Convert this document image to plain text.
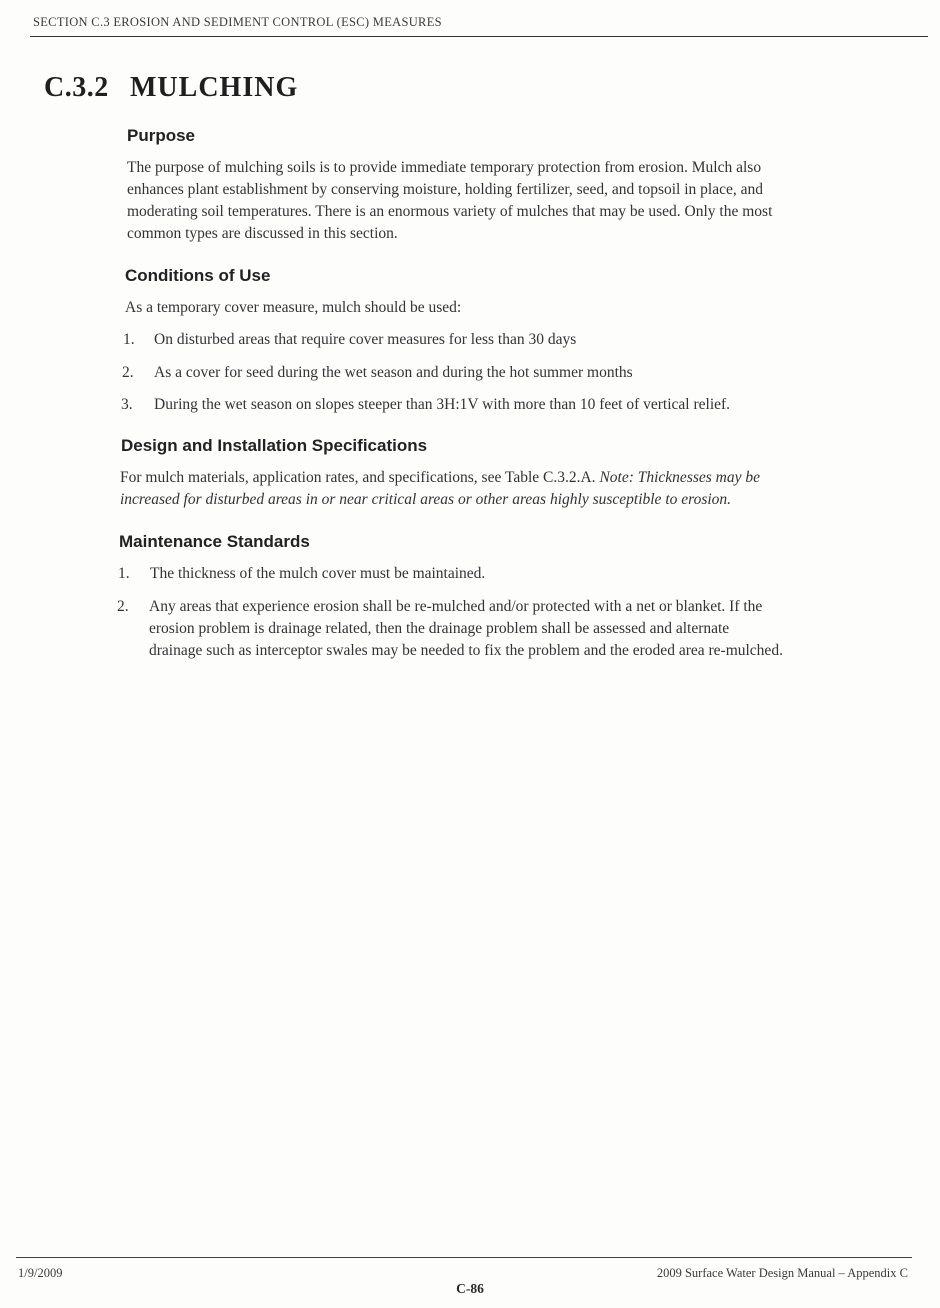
SECTION C.3 EROSION AND SEDIMENT CONTROL (ESC) MEASURES
C.3.2 MULCHING
Purpose
The purpose of mulching soils is to provide immediate temporary protection from erosion. Mulch also
enhances plant establishment by conserving moisture, holding fertilizer, seed, and topsoil in place, and
moderating soil temperatures. There is an enormous variety of mulches that may be used. Only the most
common types are discussed in this section.
Conditions of Use
As a temporary cover measure, mulch should be used:
1. On disturbed areas that require cover measures for less than 30 days
2. As a cover for seed during the wet season and during the hot summer months
3. During the wet season on slopes steeper than 3H:1V with more than 10 feet of vertical relief.
Design and Installation Specifications
For mulch materials, application rates, and specifications, see Table C.3.2.A. Note: Thicknesses may be
increased for disturbed areas in or near critical areas or other areas highly susceptible to erosion.
Maintenance Standards
1. The thickness of the mulch cover must be maintained.
2. Any areas that experience erosion shall be re-mulched and/or protected with a net or blanket. If the
erosion problem is drainage related, then the drainage problem shall be assessed and alternate
drainage such as interceptor swales may be needed to fix the problem and the eroded area re-mulched.
1/9/2009	2009 Surface Water Design Manual – Appendix C
C-86
